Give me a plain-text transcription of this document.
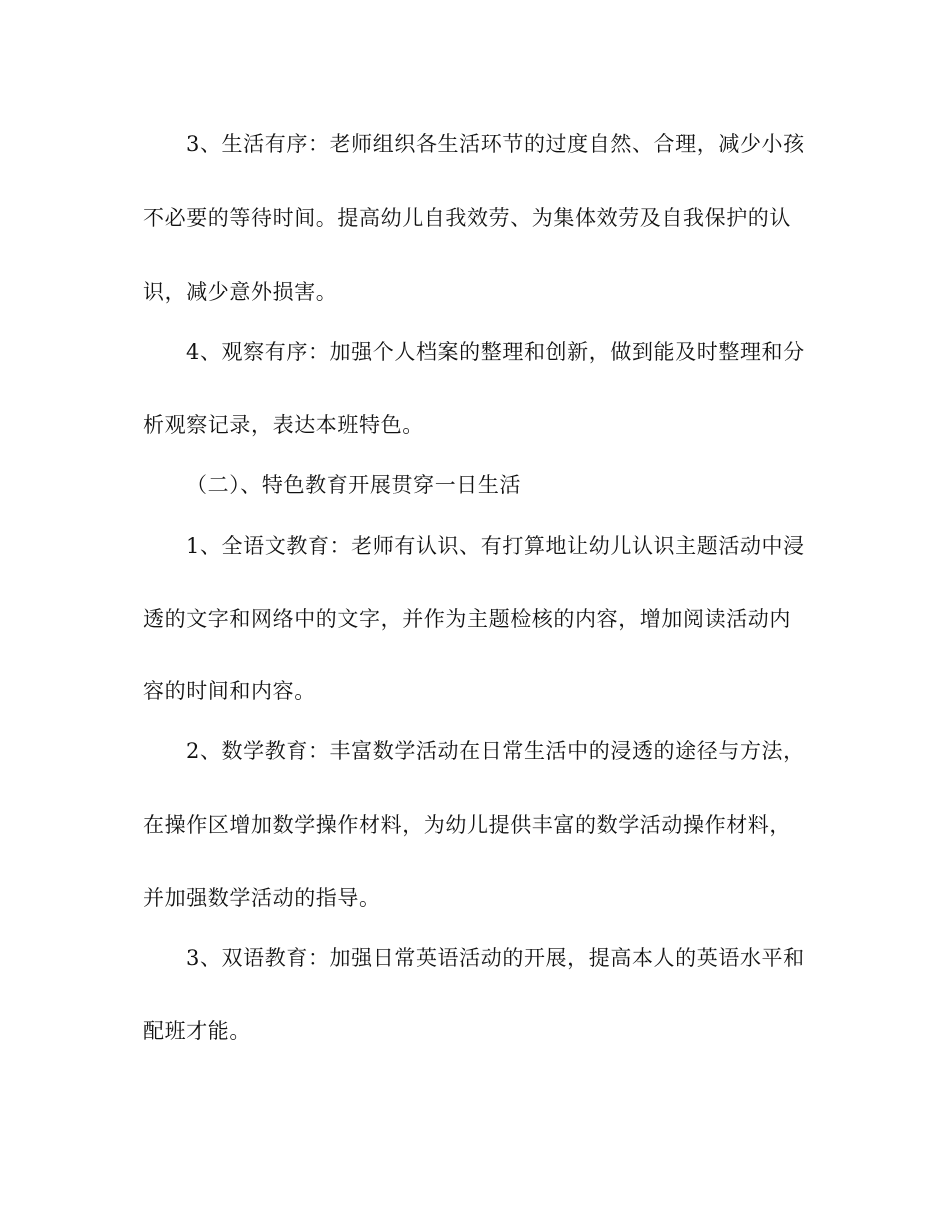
3、生活有序：老师组织各生活环节的过度自然、合理，减少小孩
不必要的等待时间。提高幼儿自我效劳、为集体效劳及自我保护的认
识，减少意外损害。
4、观察有序：加强个人档案的整理和创新，做到能及时整理和分
析观察记录，表达本班特色。
（二）、特色教育开展贯穿一日生活
1、全语文教育：老师有认识、有打算地让幼儿认识主题活动中浸
透的文字和网络中的文字，并作为主题检核的内容，增加阅读活动内
容的时间和内容。
2、数学教育：丰富数学活动在日常生活中的浸透的途径与方法，
在操作区增加数学操作材料，为幼儿提供丰富的数学活动操作材料，
并加强数学活动的指导。
3、双语教育：加强日常英语活动的开展，提高本人的英语水平和
配班才能。
